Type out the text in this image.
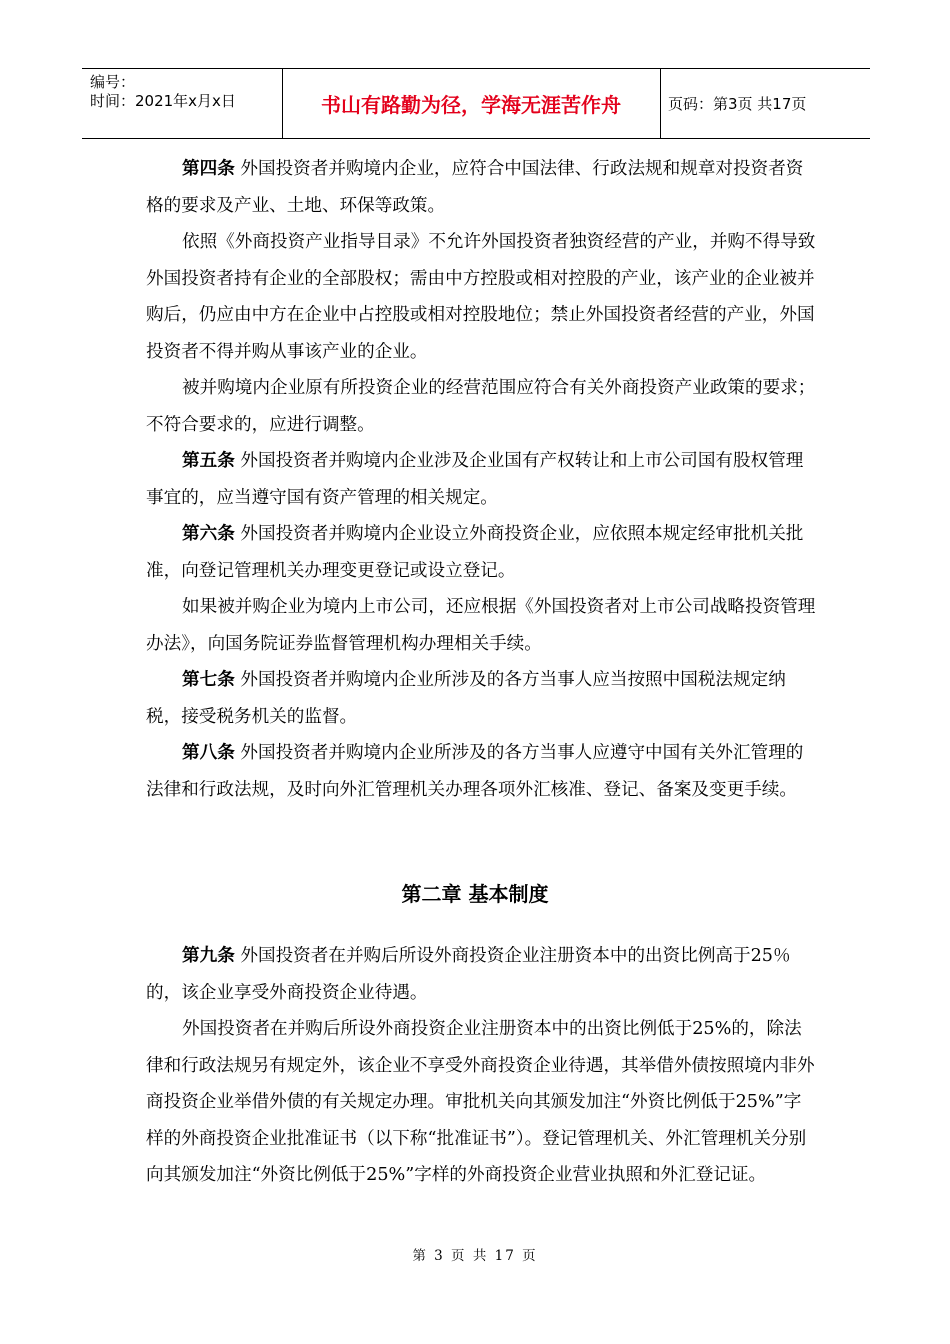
编号：
时间：2021年x月x日	书山有路勤为径，学海无涯苦作舟	页码：第3页 共17页

第四条 外国投资者并购境内企业，应符合中国法律、行政法规和规章对投资者资格的要求及产业、土地、环保等政策。

依照《外商投资产业指导目录》不允许外国投资者独资经营的产业，并购不得导致外国投资者持有企业的全部股权；需由中方控股或相对控股的产业，该产业的企业被并购后，仍应由中方在企业中占控股或相对控股地位；禁止外国投资者经营的产业，外国投资者不得并购从事该产业的企业。

被并购境内企业原有所投资企业的经营范围应符合有关外商投资产业政策的要求；不符合要求的，应进行调整。

第五条 外国投资者并购境内企业涉及企业国有产权转让和上市公司国有股权管理事宜的，应当遵守国有资产管理的相关规定。

第六条 外国投资者并购境内企业设立外商投资企业，应依照本规定经审批机关批准，向登记管理机关办理变更登记或设立登记。

如果被并购企业为境内上市公司，还应根据《外国投资者对上市公司战略投资管理办法》，向国务院证券监督管理机构办理相关手续。

第七条 外国投资者并购境内企业所涉及的各方当事人应当按照中国税法规定纳税，接受税务机关的监督。

第八条 外国投资者并购境内企业所涉及的各方当事人应遵守中国有关外汇管理的法律和行政法规，及时向外汇管理机关办理各项外汇核准、登记、备案及变更手续。

第二章 基本制度

第九条 外国投资者在并购后所设外商投资企业注册资本中的出资比例高于25％的，该企业享受外商投资企业待遇。

外国投资者在并购后所设外商投资企业注册资本中的出资比例低于25%的，除法律和行政法规另有规定外，该企业不享受外商投资企业待遇，其举借外债按照境内非外商投资企业举借外债的有关规定办理。审批机关向其颁发加注“外资比例低于25%”字样的外商投资企业批准证书（以下称“批准证书”）。登记管理机关、外汇管理机关分别向其颁发加注“外资比例低于25%”字样的外商投资企业营业执照和外汇登记证。

第 3 页 共 17 页
